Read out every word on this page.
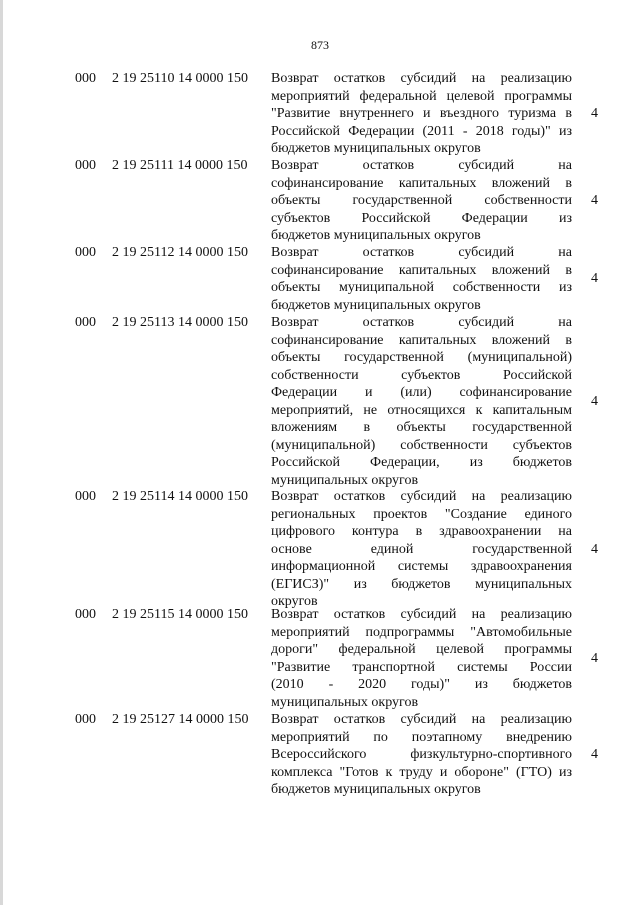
873
000 2 19 25110 14 0000 150 Возврат остатков субсидий на реализацию
мероприятий федеральной целевой программы
"Развитие внутреннего и въездного туризма в
Российской Федерации (2011 - 2018 годы)" из
бюджетов муниципальных округов
4
000 2 19 25111 14 0000 150 Возврат остатков субсидий на
софинансирование капитальных вложений в
объекты государственной собственности
субъектов Российской Федерации из
бюджетов муниципальных округов
4
000 2 19 25112 14 0000 150 Возврат остатков субсидий на
софинансирование капитальных вложений в
объекты муниципальной собственности из
бюджетов муниципальных округов
4
000 2 19 25113 14 0000 150 Возврат остатков субсидий на
софинансирование капитальных вложений в
объекты государственной (муниципальной)
собственности субъектов Российской
Федерации и (или) софинансирование
мероприятий, не относящихся к капитальным
вложениям в объекты государственной
(муниципальной) собственности субъектов
Российской Федерации, из бюджетов
муниципальных округов
4
000 2 19 25114 14 0000 150 Возврат остатков субсидий на реализацию
региональных проектов "Создание единого
цифрового контура в здравоохранении на
основе единой государственной
информационной системы здравоохранения
(ЕГИСЗ)" из бюджетов муниципальных
округов
4
000 2 19 25115 14 0000 150 Возврат остатков субсидий на реализацию
мероприятий подпрограммы "Автомобильные
дороги" федеральной целевой программы
"Развитие транспортной системы России
(2010 - 2020 годы)" из бюджетов
муниципальных округов
4
000 2 19 25127 14 0000 150 Возврат остатков субсидий на реализацию
мероприятий по поэтапному внедрению
Всероссийского физкультурно-спортивного
комплекса "Готов к труду и обороне" (ГТО) из
бюджетов муниципальных округов
4
